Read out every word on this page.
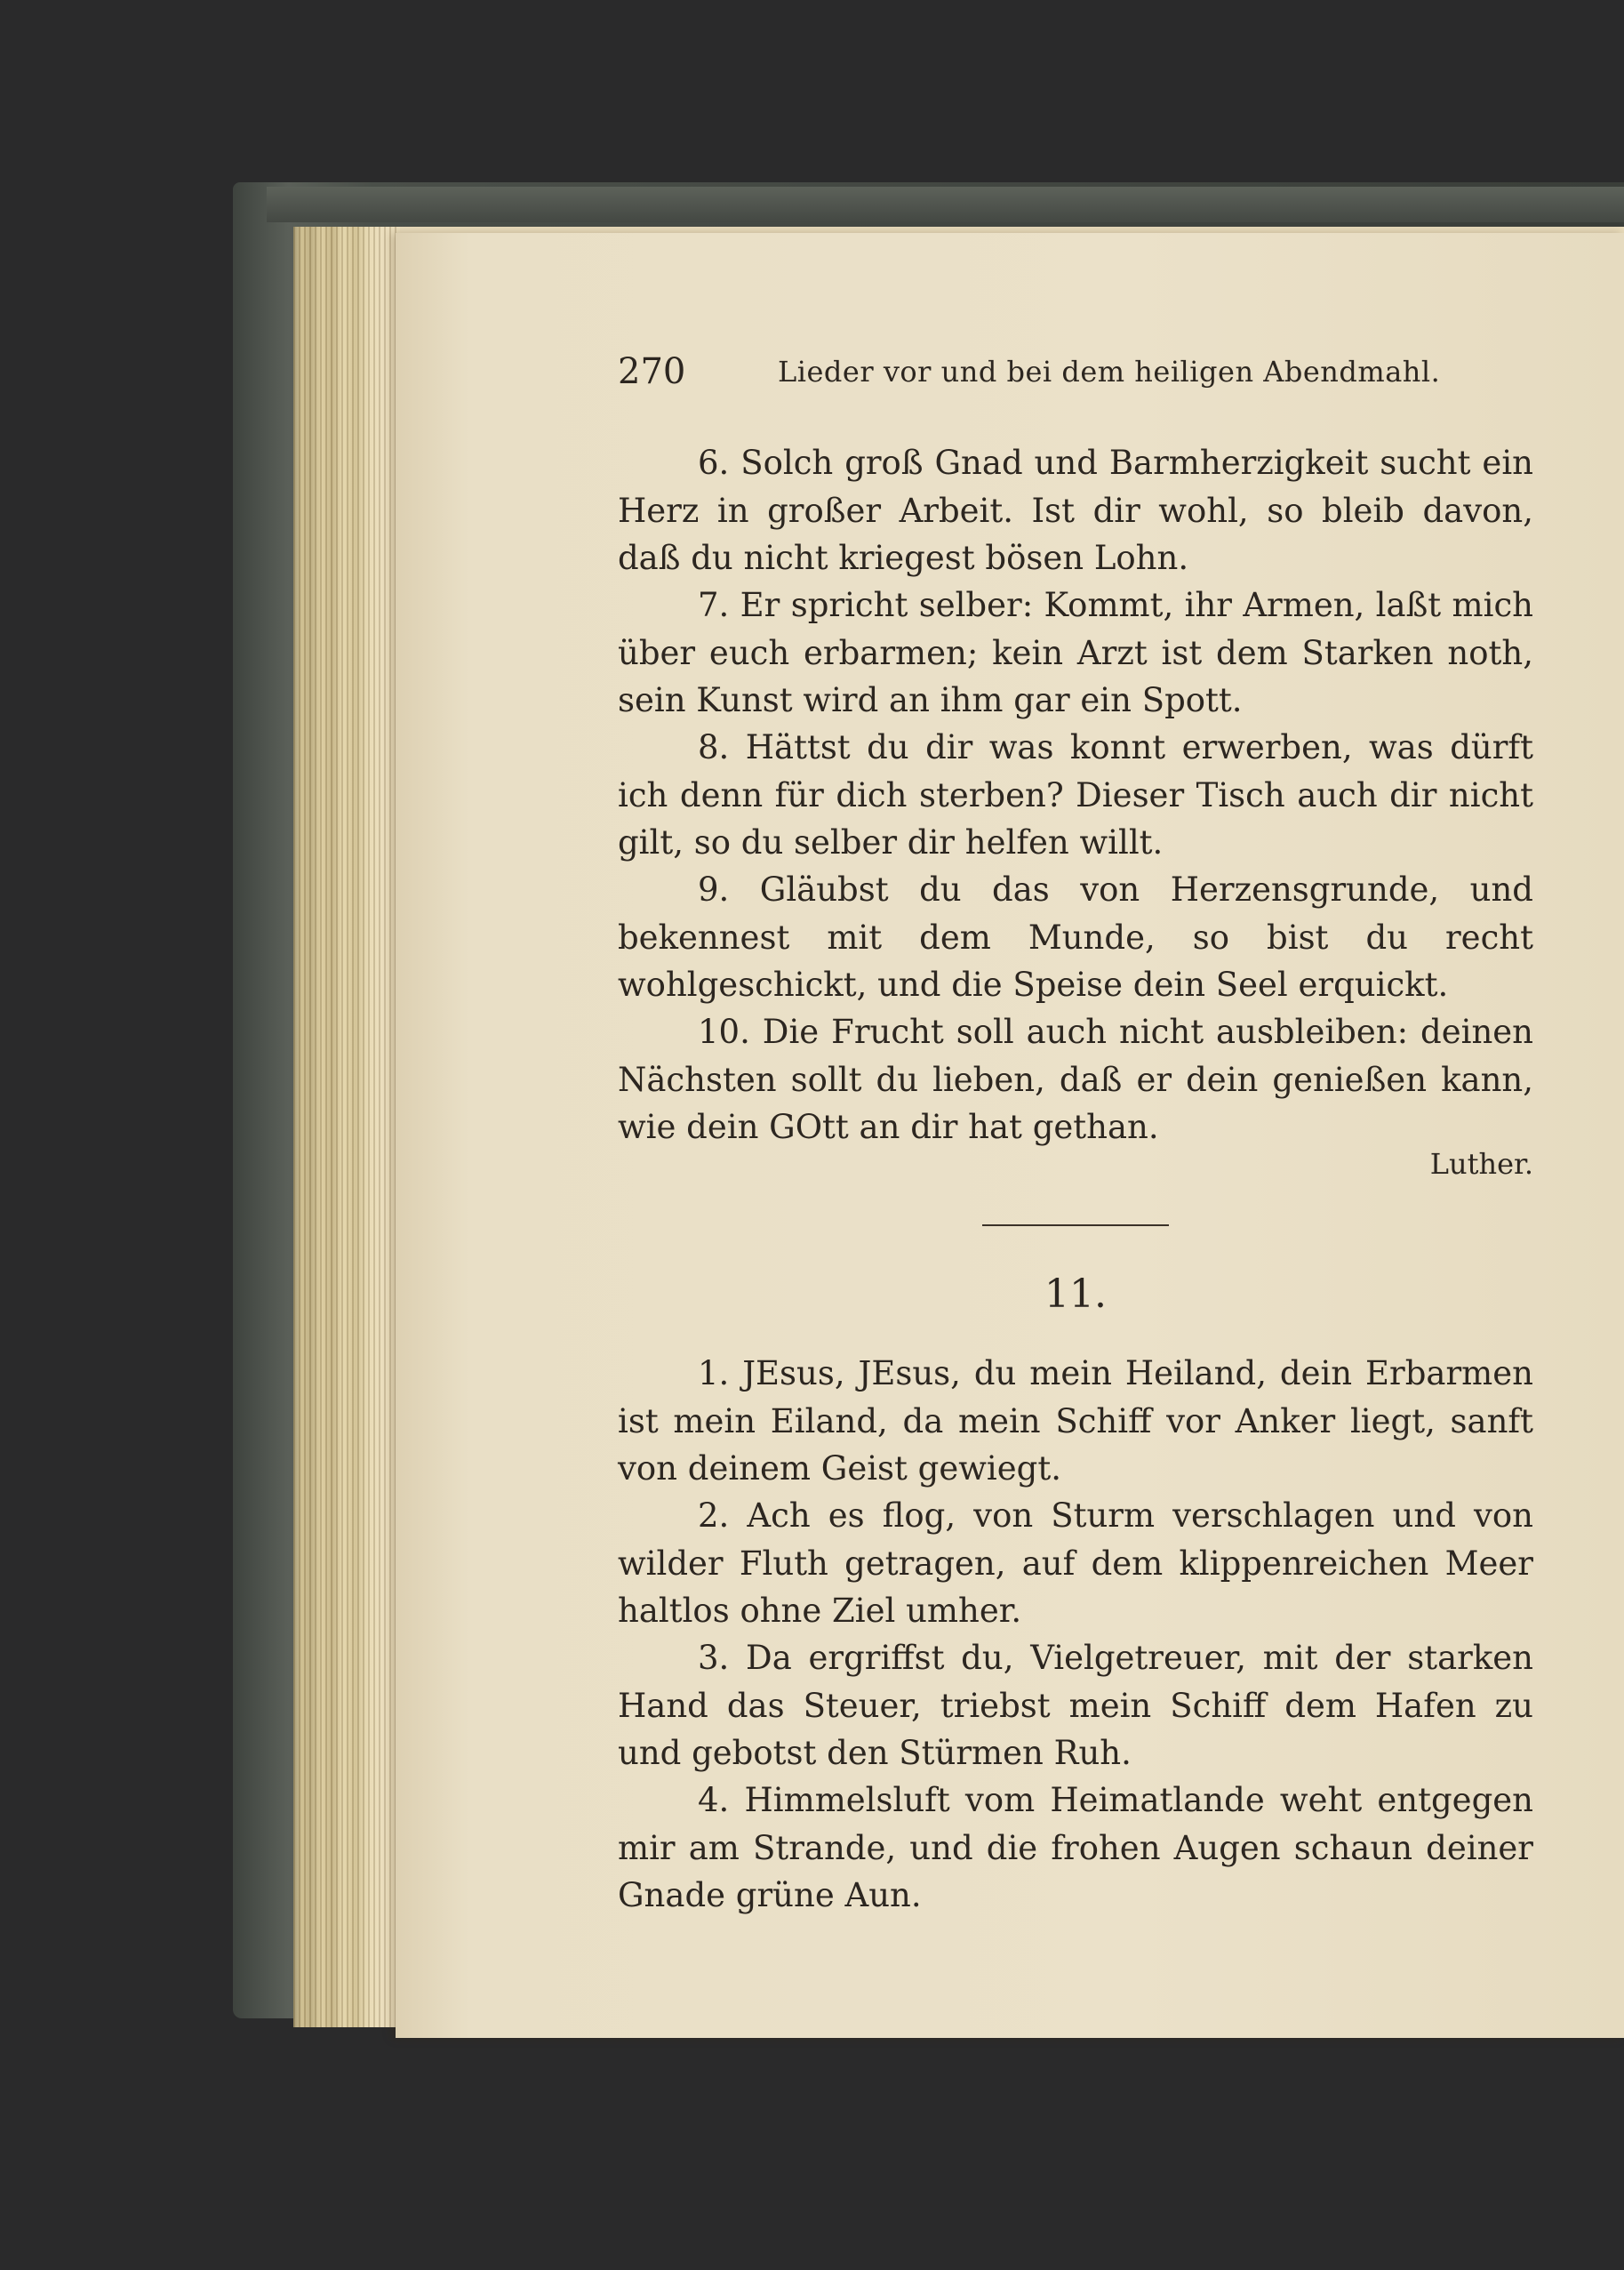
270	Lieder vor und bei dem heiligen Abendmahl.

6. Solch groß Gnad und Barmherzigkeit sucht ein Herz in großer Arbeit. Ist dir wohl, so bleib davon, daß du nicht kriegest bösen Lohn.

7. Er spricht selber: Kommt, ihr Armen, laßt mich über euch erbarmen; kein Arzt ist dem Starken noth, sein Kunst wird an ihm gar ein Spott.

8. Hättst du dir was konnt erwerben, was dürft ich denn für dich sterben? Dieser Tisch auch dir nicht gilt, so du selber dir helfen willt.

9. Gläubst du das von Herzensgrunde, und bekennest mit dem Munde, so bist du recht wohlgeschickt, und die Speise dein Seel erquickt.

10. Die Frucht soll auch nicht ausbleiben: deinen Nächsten sollt du lieben, daß er dein genießen kann, wie dein GOtt an dir hat gethan.

Luther.
11.

1. JEsus, JEsus, du mein Heiland, dein Erbarmen ist mein Eiland, da mein Schiff vor Anker liegt, sanft von deinem Geist gewiegt.

2. Ach es flog, von Sturm verschlagen und von wilder Fluth getragen, auf dem klippenreichen Meer haltlos ohne Ziel umher.

3. Da ergriffst du, Vielgetreuer, mit der starken Hand das Steuer, triebst mein Schiff dem Hafen zu und gebotst den Stürmen Ruh.

4. Himmelsluft vom Heimatlande weht entgegen mir am Strande, und die frohen Augen schaun deiner Gnade grüne Aun.
